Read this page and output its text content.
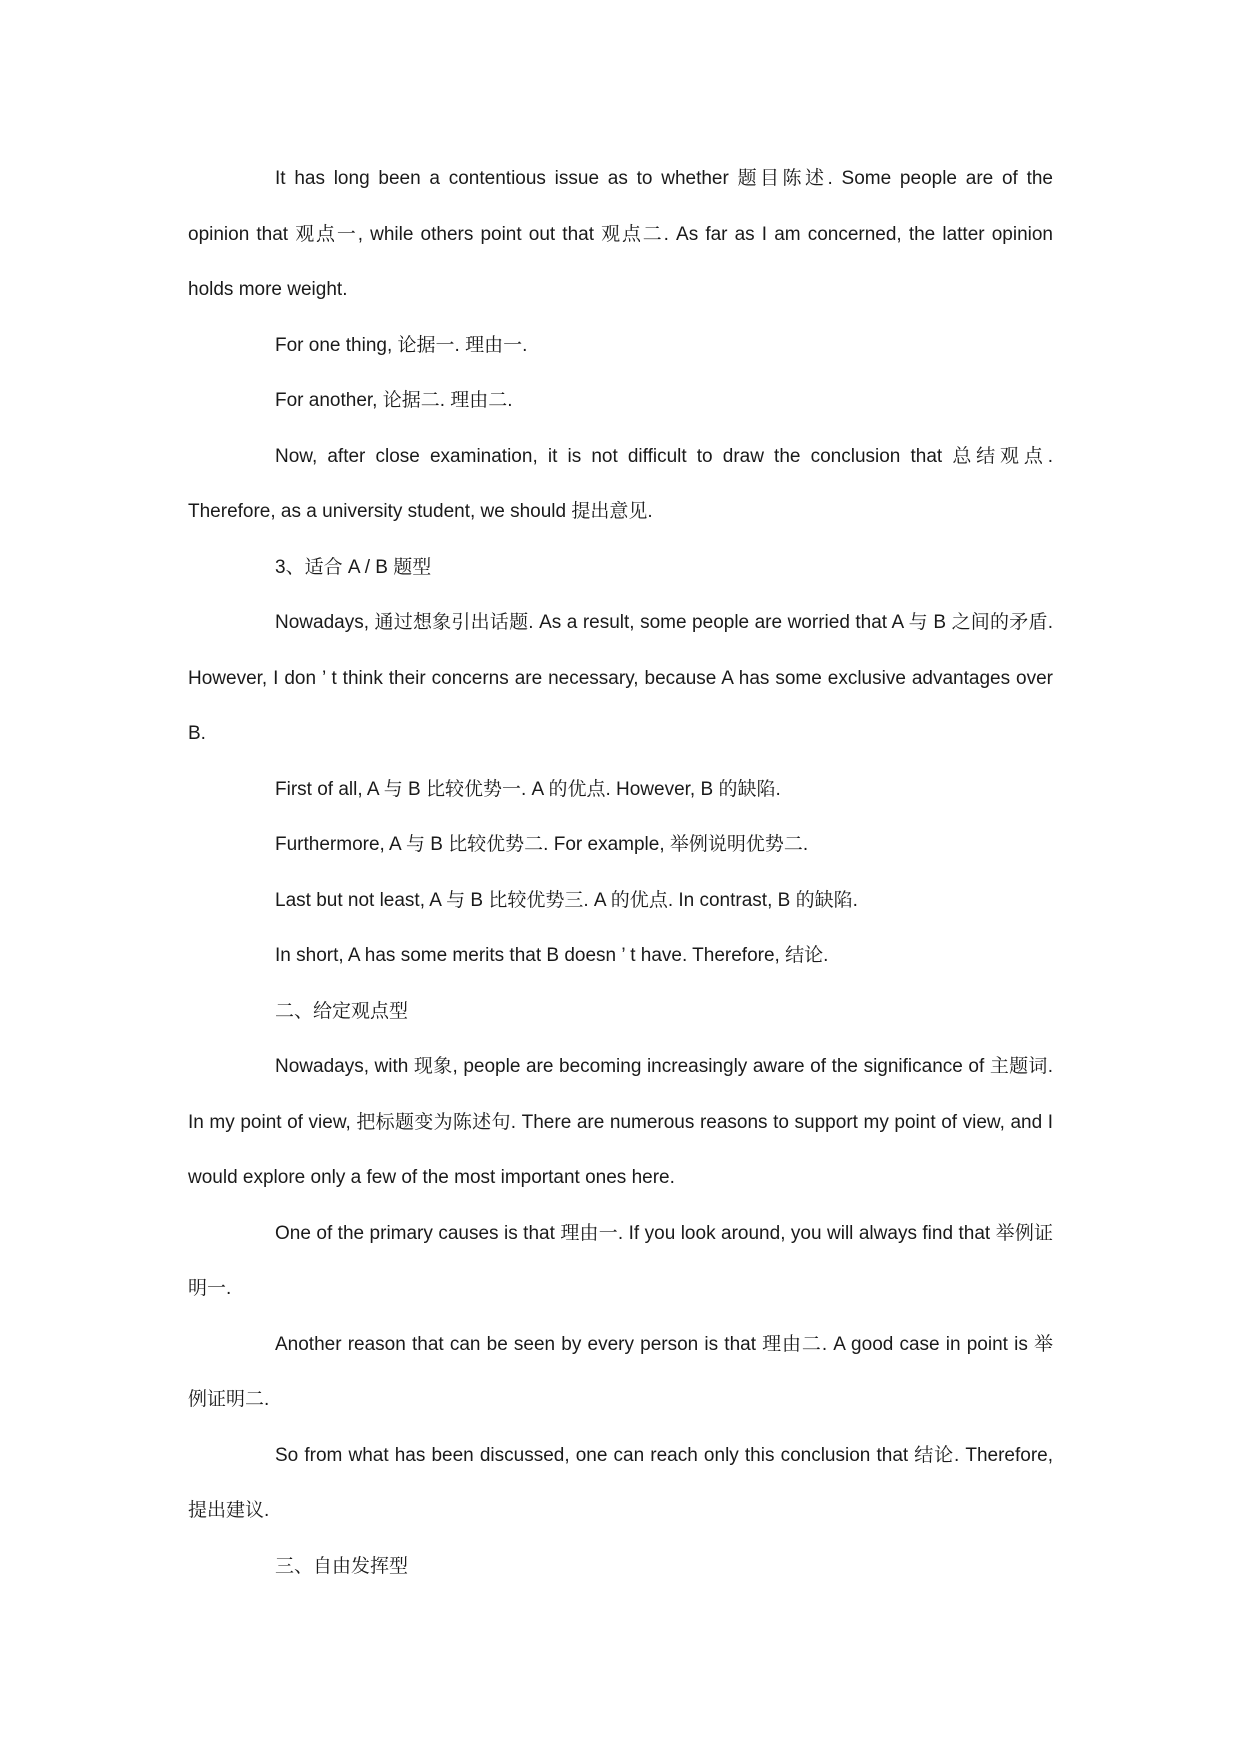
It has long been a contentious issue as to whether 题目陈述. Some people are of the opinion that 观点一, while others point out that 观点二. As far as I am concerned, the latter opinion holds more weight.

For one thing, 论据一. 理由一.

For another, 论据二. 理由二.

Now, after close examination, it is not difficult to draw the conclusion that 总结观点. Therefore, as a university student, we should 提出意见.

3、适合 A / B 题型

Nowadays, 通过想象引出话题. As a result, some people are worried that A 与 B 之间的矛盾. However, I don ’ t think their concerns are necessary, because A has some exclusive advantages over B.

First of all, A 与 B 比较优势一. A 的优点. However, B 的缺陷.

Furthermore, A 与 B 比较优势二. For example, 举例说明优势二.

Last but not least, A 与 B 比较优势三. A 的优点. In contrast, B 的缺陷.

In short, A has some merits that B doesn ’ t have. Therefore, 结论.

二、给定观点型

Nowadays, with 现象, people are becoming increasingly aware of the significance of 主题词. In my point of view, 把标题变为陈述句. There are numerous reasons to support my point of view, and I would explore only a few of the most important ones here.

One of the primary causes is that 理由一. If you look around, you will always find that 举例证明一.

Another reason that can be seen by every person is that 理由二. A good case in point is 举例证明二.

So from what has been discussed, one can reach only this conclusion that 结论. Therefore, 提出建议.

三、自由发挥型
